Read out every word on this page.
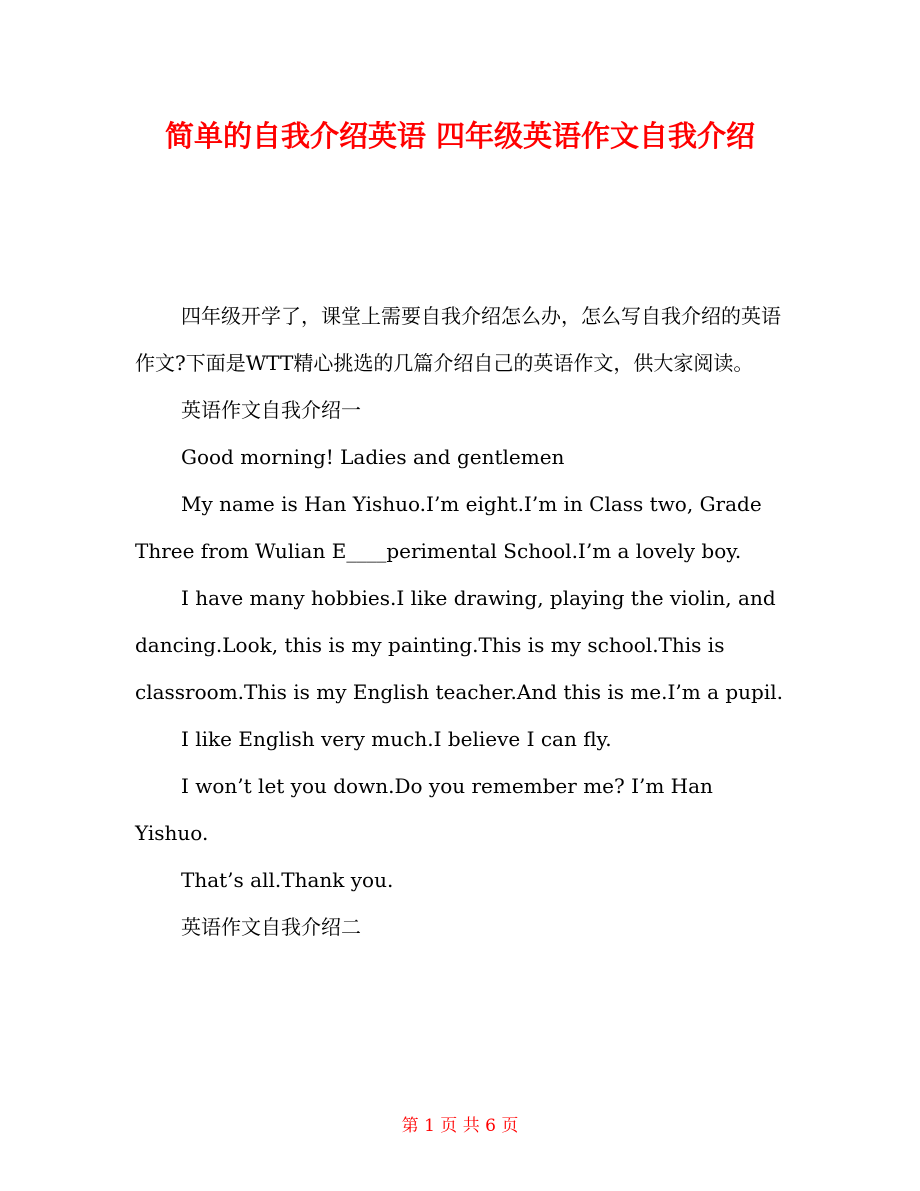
简单的自我介绍英语 四年级英语作文自我介绍

四年级开学了，课堂上需要自我介绍怎么办，怎么写自我介绍的英语作文?下面是WTT精心挑选的几篇介绍自己的英语作文，供大家阅读。

英语作文自我介绍一

Good morning! Ladies and gentlemen

My name is Han Yishuo.I’m eight.I’m in Class two, Grade Three from Wulian E____perimental School.I’m a lovely boy.

I have many hobbies.I like drawing, playing the violin, and dancing.Look, this is my painting.This is my school.This is classroom.This is my English teacher.And this is me.I’m a pupil.

I like English very much.I believe I can fly.

I won’t let you down.Do you remember me? I’m Han Yishuo.

That’s all.Thank you.

英语作文自我介绍二

第 1 页 共 6 页
